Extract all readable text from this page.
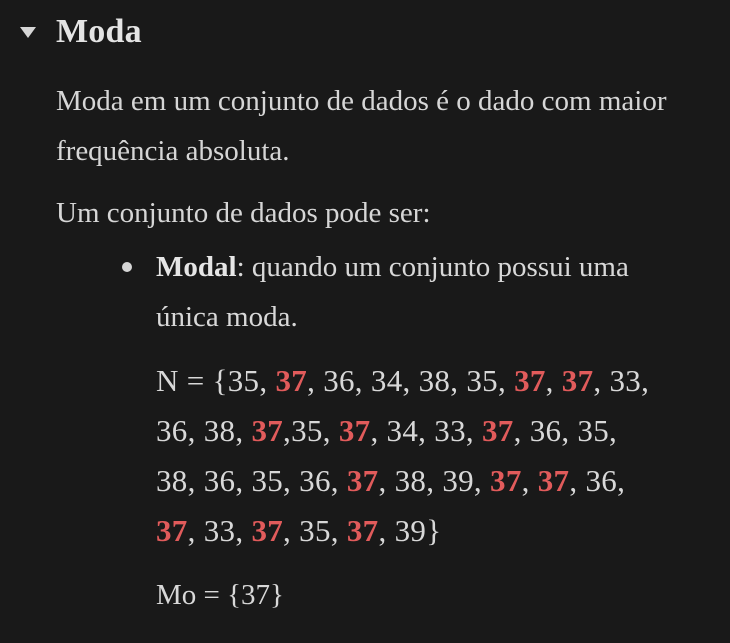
Moda

Moda em um conjunto de dados é o dado com maior frequência absoluta.

Um conjunto de dados pode ser:

Modal: quando um conjunto possui uma única moda.

N = {35, 37, 36, 34, 38, 35, 37, 37, 33, 36, 38, 37,35, 37, 34, 33, 37, 36, 35, 38, 36, 35, 36, 37, 38, 39, 37, 37, 36, 37, 33, 37, 35, 37, 39}

Mo = {37}
